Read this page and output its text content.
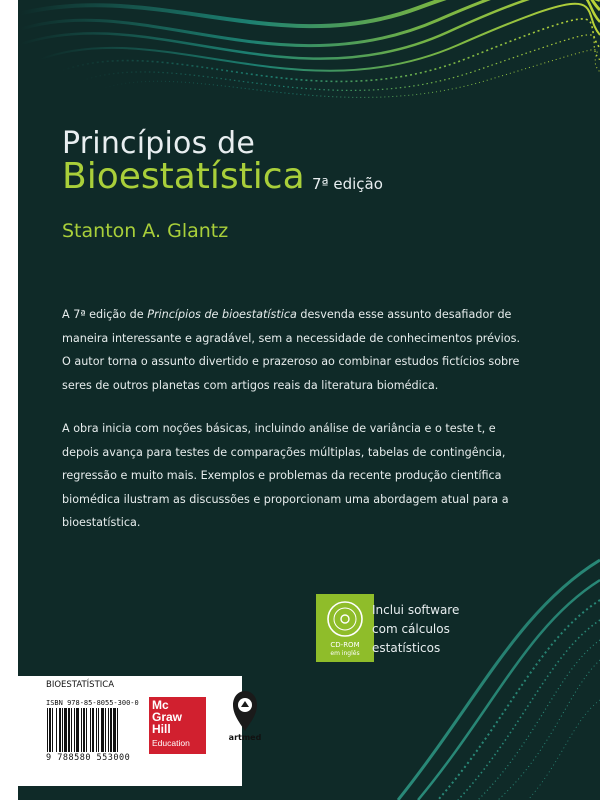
Princípios de
Bioestatística 7ª edição
Stanton A. Glantz
A 7ª edição de Princípios de bioestatística desvenda esse assunto desafiador de maneira interessante e agradável, sem a necessidade de conhecimentos prévios. O autor torna o assunto divertido e prazeroso ao combinar estudos fictícios sobre seres de outros planetas com artigos reais da literatura biomédica.
A obra inicia com noções básicas, incluindo análise de variância e o teste t, e depois avança para testes de comparações múltiplas, tabelas de contingência, regressão e muito mais. Exemplos e problemas da recente produção científica biomédica ilustram as discussões e proporcionam uma abordagem atual para a bioestatística.
CD-ROM
em inglês
Inclui software com cálculos estatísticos
BIOESTATÍSTICA
ISBN 978-85-8055-300-0
9 788580 553000
Mc
Graw
Hill
Education
artmed
www.grupoa.com.br
